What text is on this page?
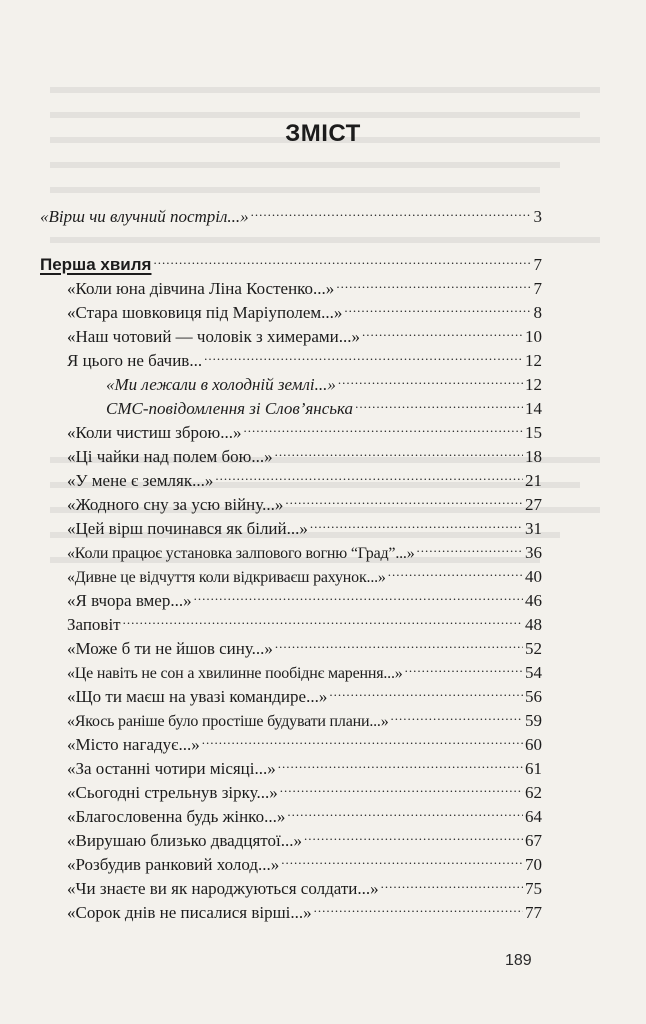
ЗМІСТ
«Вірш чи влучний постріл...» .....	3
Перша хвиля .....	7
«Коли юна дівчина Ліна Костенко...» .....	7
«Стара шовковиця під Маріуполем...» .....	8
«Наш чотовий — чоловік з химерами...» .....	10
Я цього не бачив... .....	12
«Ми лежали в холодній землі...» .....	12
СМС-повідомлення зі Слов’янська .....	14
«Коли чистиш зброю...» .....	15
«Ці чайки над полем бою...» .....	18
«У мене є земляк...» .....	21
«Жодного сну за усю війну...» .....	27
«Цей вірш починався як білий...» .....	31
«Коли працює установка залпового вогню “Град”...» .....	36
«Дивне це відчуття коли відкриваєш рахунок...» .....	40
«Я вчора вмер...» .....	46
Заповіт .....	48
«Може б ти не йшов сину...» .....	52
«Це навіть не сон а хвилинне пообіднє марення...» .....	54
«Що ти маєш на увазі командире...» .....	56
«Якось раніше було простіше будувати плани...» .....	59
«Місто нагадує...» .....	60
«За останні чотири місяці...» .....	61
«Сьогодні стрельнув зірку...» .....	62
«Благословенна будь жінко...» .....	64
«Вирушаю близько двадцятої...» .....	67
«Розбудив ранковий холод...» .....	70
«Чи знаєте ви як народжуються солдати...» .....	75
«Сорок днів не писалися вірші...» .....	77
189
